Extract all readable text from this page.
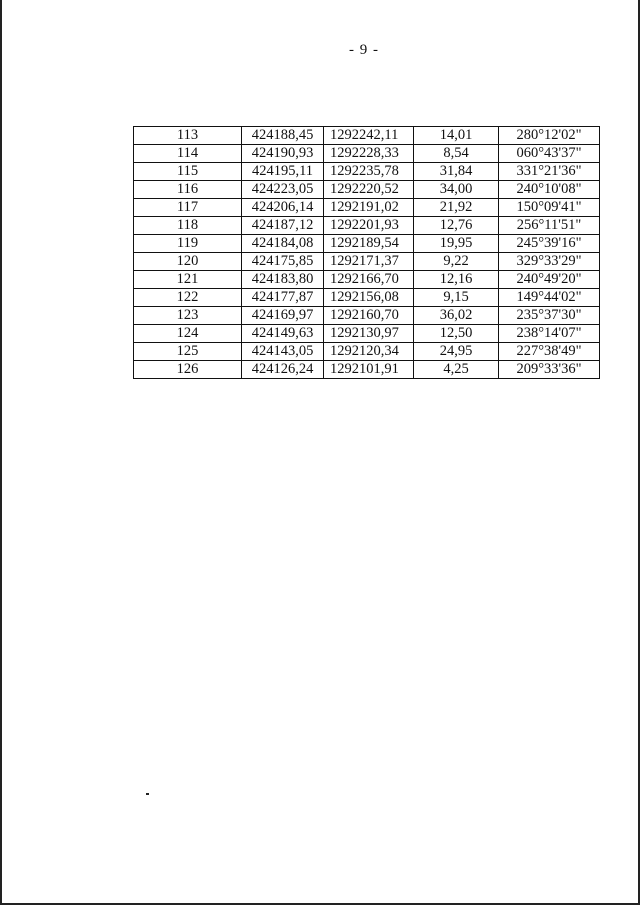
- 9 -
113	424188,45	1292242,11	14,01	280°12'02"
114	424190,93	1292228,33	8,54	060°43'37"
115	424195,11	1292235,78	31,84	331°21'36"
116	424223,05	1292220,52	34,00	240°10'08"
117	424206,14	1292191,02	21,92	150°09'41"
118	424187,12	1292201,93	12,76	256°11'51"
119	424184,08	1292189,54	19,95	245°39'16"
120	424175,85	1292171,37	9,22	329°33'29"
121	424183,80	1292166,70	12,16	240°49'20"
122	424177,87	1292156,08	9,15	149°44'02"
123	424169,97	1292160,70	36,02	235°37'30"
124	424149,63	1292130,97	12,50	238°14'07"
125	424143,05	1292120,34	24,95	227°38'49"
126	424126,24	1292101,91	4,25	209°33'36"
